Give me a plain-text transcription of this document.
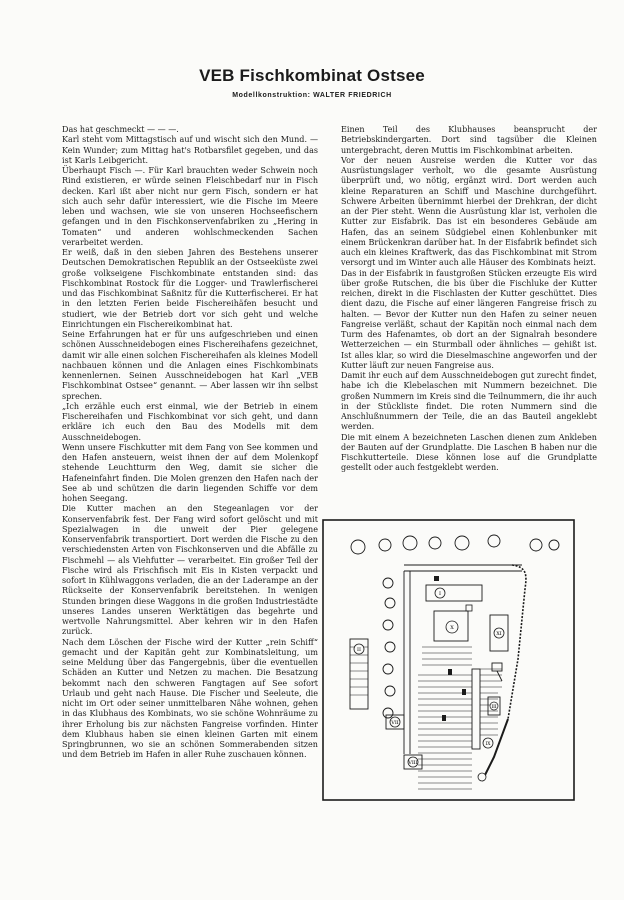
VEB Fischkombinat Ostsee
Modellkonstruktion: WALTER FRIEDRICH

Das hat geschmeckt — — —.

Karl steht vom Mittagstisch auf und wischt sich den Mund. — Kein Wunder; zum Mittag hat's Rotbarsfilet gegeben, und das ist Karls Leibgericht.

Überhaupt Fisch —. Für Karl brauchten weder Schwein noch Rind existieren, er würde seinen Fleischbedarf nur in Fisch decken. Karl ißt aber nicht nur gern Fisch, sondern er hat sich auch sehr dafür interessiert, wie die Fische im Meere leben und wachsen, wie sie von unseren Hochseefischern gefangen und in den Fischkonservenfabriken zu „Hering in Tomaten“ und anderen wohlschmeckenden Sachen verarbeitet werden.

Er weiß, daß in den sieben Jahren des Bestehens unserer Deutschen Demokratischen Republik an der Ostseeküste zwei große volkseigene Fischkombinate entstanden sind: das Fischkombinat Rostock für die Logger- und Trawlerfischerei und das Fischkombinat Saßnitz für die Kutterfischerei. Er hat in den letzten Ferien beide Fischereihäfen besucht und studiert, wie der Betrieb dort vor sich geht und welche Einrichtungen ein Fischereikombinat hat.

Seine Erfahrungen hat er für uns aufgeschrieben und einen schönen Ausschneidebogen eines Fischereihafens gezeichnet, damit wir alle einen solchen Fischereihafen als kleines Modell nachbauen können und die Anlagen eines Fischkombinats kennenlernen. Seinen Ausschneidebogen hat Karl „VEB Fischkombinat Ostsee“ genannt. — Aber lassen wir ihn selbst sprechen.

„Ich erzähle euch erst einmal, wie der Betrieb in einem Fischereihafen und Fischkombinat vor sich geht, und dann erkläre ich euch den Bau des Modells mit dem Ausschneidebogen.

Wenn unsere Fischkutter mit dem Fang von See kommen und den Hafen ansteuern, weist ihnen der auf dem Molenkopf stehende Leuchtturm den Weg, damit sie sicher die Hafeneinfahrt finden. Die Molen grenzen den Hafen nach der See ab und schützen die darin liegenden Schiffe vor dem hohen Seegang.

Die Kutter machen an den Stegeanlagen vor der Konservenfabrik fest. Der Fang wird sofort gelöscht und mit Spezialwagen in die unweit der Pier gelegene Konservenfabrik transportiert. Dort werden die Fische zu den verschiedensten Arten von Fischkonserven und die Abfälle zu Fischmehl — als Viehfutter — verarbeitet. Ein großer Teil der Fische wird als Frischfisch mit Eis in Kisten verpackt und sofort in Kühlwaggons verladen, die an der Laderampe an der Rückseite der Konservenfabrik bereitstehen. In wenigen Stunden bringen diese Waggons in die großen Industriestädte unseres Landes unseren Werktätigen das begehrte und wertvolle Nahrungsmittel. Aber kehren wir in den Hafen zurück.

Nach dem Löschen der Fische wird der Kutter „rein Schiff“ gemacht und der Kapitän geht zur Kombinatsleitung, um seine Meldung über das Fangergebnis, über die eventuellen Schäden an Kutter und Netzen zu machen. Die Besatzung bekommt nach den schweren Fangtagen auf See sofort Urlaub und geht nach Hause. Die Fischer und Seeleute, die nicht im Ort oder seiner unmittelbaren Nähe wohnen, gehen in das Klubhaus des Kombinats, wo sie schöne Wohnräume zu ihrer Erholung bis zur nächsten Fangreise vorfinden. Hinter dem Klubhaus haben sie einen kleinen Garten mit einem Springbrunnen, wo sie an schönen Sommerabenden sitzen und dem Betrieb im Hafen in aller Ruhe zuschauen können.

Einen Teil des Klubhauses beansprucht der Betriebskindergarten. Dort sind tagsüber die Kleinen untergebracht, deren Muttis im Fischkombinat arbeiten.

Vor der neuen Ausreise werden die Kutter vor das Ausrüstungslager verholt, wo die gesamte Ausrüstung überprüft und, wo nötig, ergänzt wird. Dort werden auch kleine Reparaturen an Schiff und Maschine durchgeführt. Schwere Arbeiten übernimmt hierbei der Drehkran, der dicht an der Pier steht. Wenn die Ausrüstung klar ist, verholen die Kutter zur Eisfabrik. Das ist ein besonderes Gebäude am Hafen, das an seinem Südgiebel einen Kohlenbunker mit einem Brückenkran darüber hat. In der Eisfabrik befindet sich auch ein kleines Kraftwerk, das das Fischkombinat mit Strom versorgt und im Winter auch alle Häuser des Kombinats heizt.

Das in der Eisfabrik in faustgroßen Stücken erzeugte Eis wird über große Rutschen, die bis über die Fischluke der Kutter reichen, direkt in die Fischlasten der Kutter geschüttet. Dies dient dazu, die Fische auf einer längeren Fangreise frisch zu halten. — Bevor der Kutter nun den Hafen zu seiner neuen Fangreise verläßt, schaut der Kapitän noch einmal nach dem Turm des Hafenamtes, ob dort an der Signalrah besondere Wetterzeichen — ein Sturmball oder ähnliches — gehißt ist. Ist alles klar, so wird die Dieselmaschine angeworfen und der Kutter läuft zur neuen Fangreise aus.

Damit ihr euch auf dem Ausschneidebogen gut zurecht findet, habe ich die Klebelaschen mit Nummern bezeichnet. Die großen Nummern im Kreis sind die Teilnummern, die ihr auch in der Stückliste findet. Die roten Nummern sind die Anschlußnummern der Teile, die an das Bauteil angeklebt werden.

Die mit einem A bezeichneten Laschen dienen zum Ankleben der Bauten auf der Grundplatte. Die Laschen B haben nur die Fischkutterteile. Diese können lose auf die Grundplatte gestellt oder auch festgeklebt werden.

II
I
X
XI
VII
VIII
III
IX
